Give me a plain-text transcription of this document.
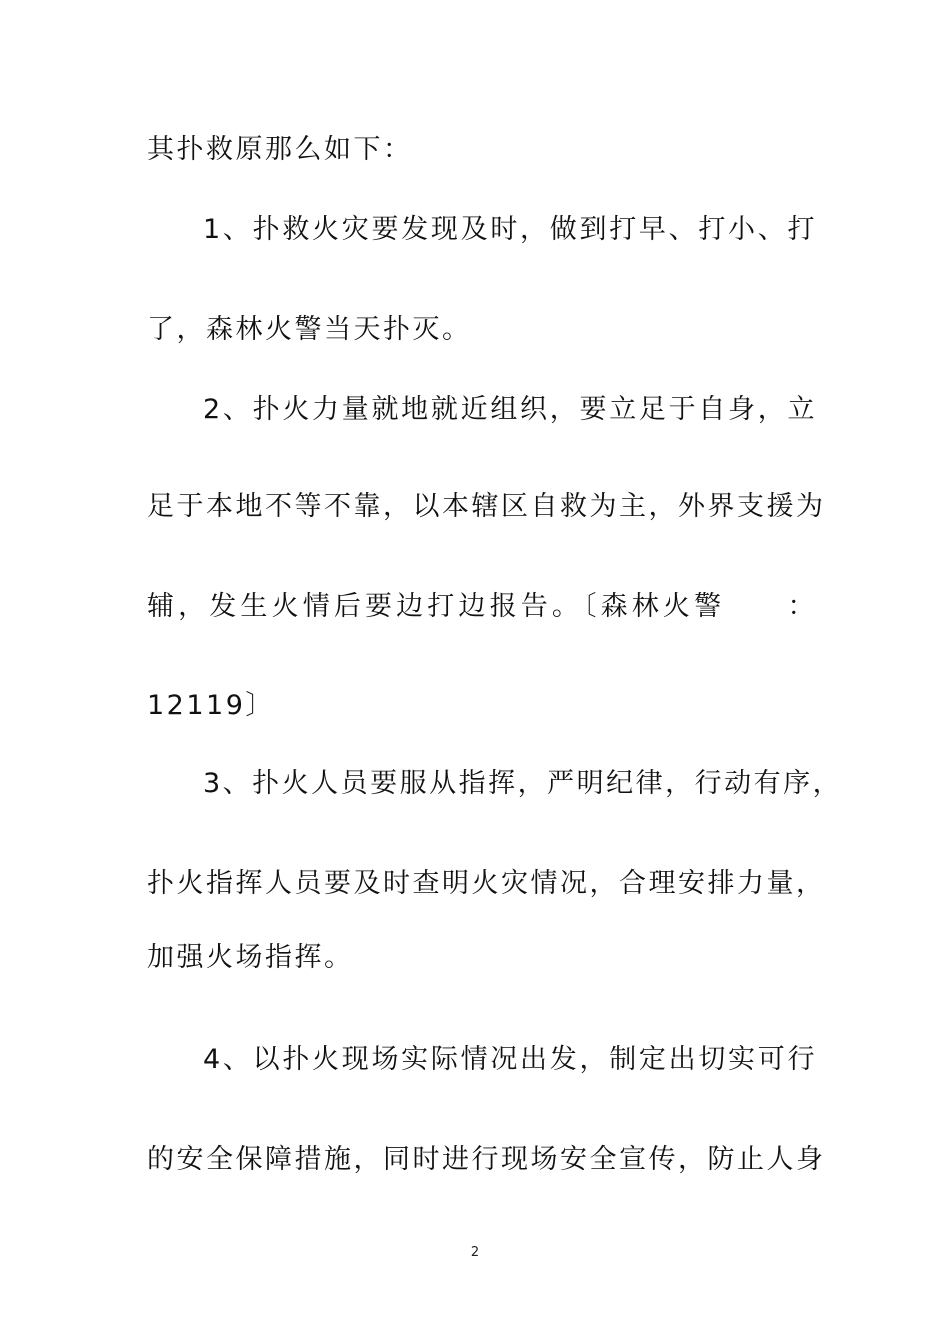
其扑救原那么如下：
1、扑救火灾要发现及时，做到打早、打小、打
了，森林火警当天扑灭。
2、扑火力量就地就近组织，要立足于自身，立
足于本地不等不靠，以本辖区自救为主，外界支援为
辅，发生火情后要边打边报告。〔森林火警　　：
12119〕
3、扑火人员要服从指挥，严明纪律，行动有序，
扑火指挥人员要及时查明火灾情况，合理安排力量，
加强火场指挥。
4、以扑火现场实际情况出发，制定出切实可行
的安全保障措施，同时进行现场安全宣传，防止人身
2
